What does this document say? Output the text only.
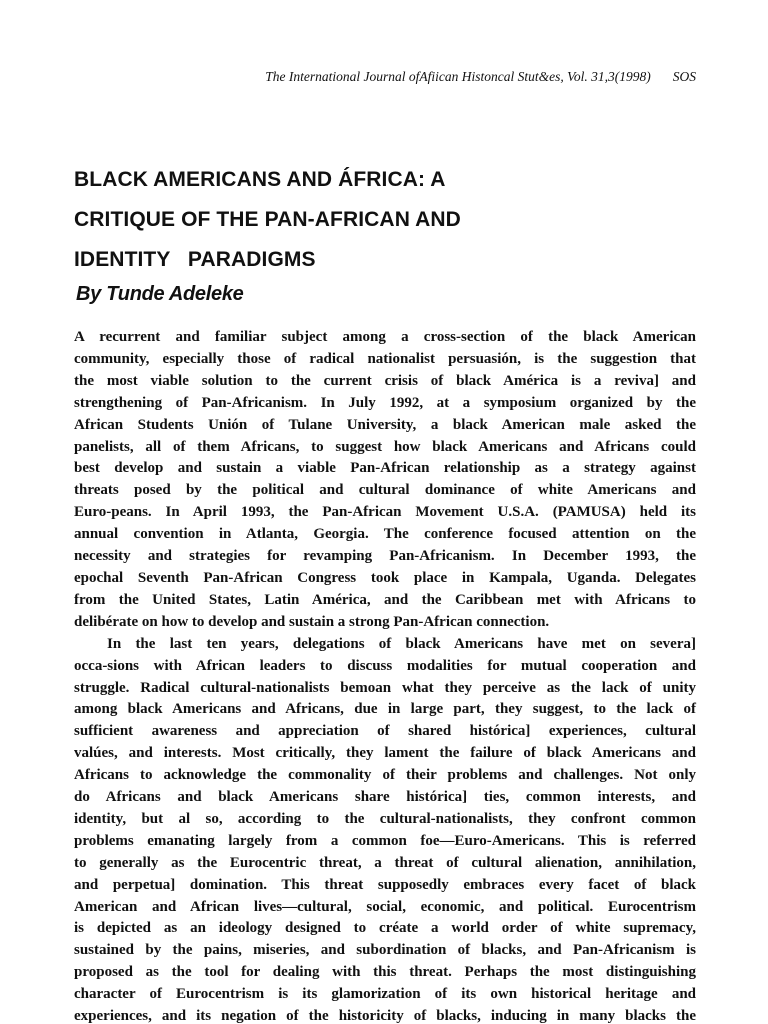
The International Journal ofAfiican Histoncal Stut&es, Vol. 31,3(1998) SOS
BLACK AMERICANS AND ÁFRICA: A
CRITIQUE OF THE PAN-AFRICAN AND
IDENTITY   PARADIGMS
By Tunde Adeleke
A recurrent and familiar subject among a cross-section of the black American
community, especially those of radical nationalist persuasión, is the suggestion that
the most viable solution to the current crisis of black América is a reviva] and
strengthening of Pan-Africanism. In July 1992, at a symposium organized by the
African Students Unión of Tulane University, a black American male asked the
panelists, all of them Africans, to suggest how black Americans and Africans could
best develop and sustain a viable Pan-African relationship as a strategy against
threats posed by the political and cultural dominance of white Americans and
Euro-peans. In April 1993, the Pan-African Movement U.S.A. (PAMUSA) held its
annual convention in Atlanta, Georgia. The conference focused attention on the
necessity and strategies for revamping Pan-Africanism. In December 1993, the
epochal Seventh Pan-African Congress took place in Kampala, Uganda. Delegates
from the United States, Latin América, and the Caribbean met with Africans to
delibérate on how to develop and sustain a strong Pan-African connection.
In the last ten years, delegations of black Americans have met on severa]
occa-sions with African leaders to discuss modalities for mutual cooperation and
struggle. Radical cultural-nationalists bemoan what they perceive as the lack of unity
among black Americans and Africans, due in large part, they suggest, to the lack of
sufficient awareness and appreciation of shared histórica] experiences, cultural
valúes, and interests. Most critically, they lament the failure of black Americans and
Africans to acknowledge the commonality of their problems and challenges. Not only
do Africans and black Americans share histórica] ties, common interests, and
identity, but al so, according to the cultural-nationalists, they confront common
problems emanating largely from a common foe—Euro-Americans. This is referred
to generally as the Eurocentric threat, a threat of cultural alienation, annihilation,
and perpetua] domination. This threat supposedly embraces every facet of black
American and African lives—cultural, social, economic, and political. Eurocentrism
is depicted as an ideology designed to créate a world order of white supremacy,
sustained by the pains, miseries, and subordination of blacks, and Pan-Africanism is
proposed as the tool for dealing with this threat. Perhaps the most distinguishing
character of Eurocentrism is its glamorization of its own historical heritage and
experiences, and its negation of the historicity of blacks, inducing in many blacks the
